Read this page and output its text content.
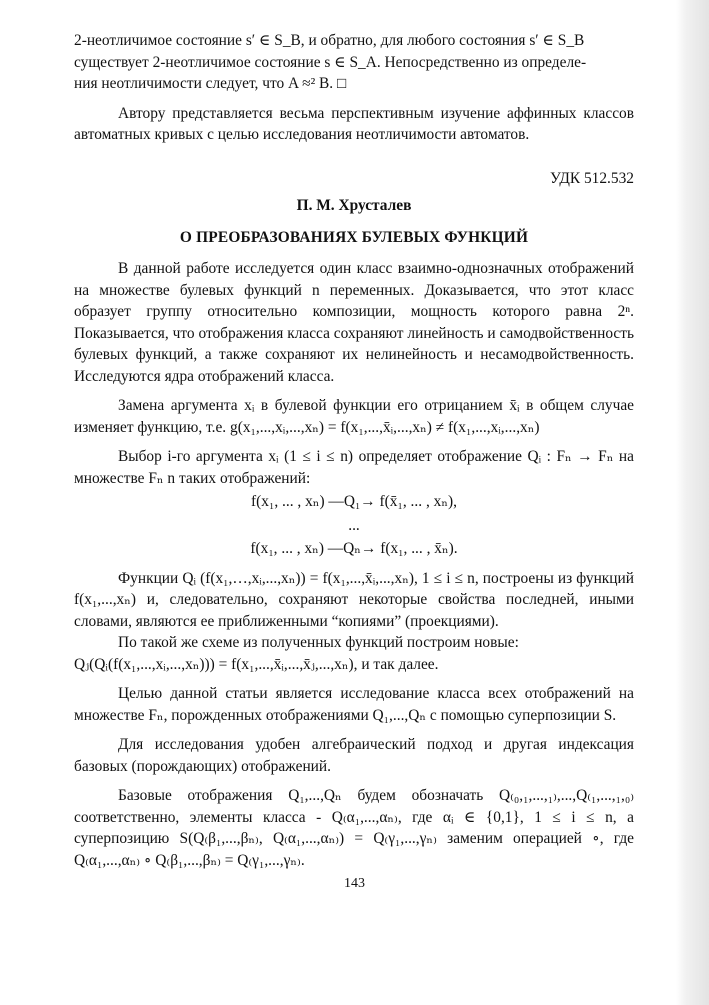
2-неотличимое состояние s′ ∈ S_B, и обратно, для любого состояния s′ ∈ S_B

существует 2-неотличимое состояние s ∈ S_A. Непосредственно из определе-

ния неотличимости следует, что A ≈² B. □

Автору представляется весьма перспективным изучение аффинных классов автоматных кривых с целью исследования неотличимости автоматов.

УДК 512.532
П. М. Хрусталев
О ПРЕОБРАЗОВАНИЯХ БУЛЕВЫХ ФУНКЦИЙ

В данной работе исследуется один класс взаимно-однозначных отображений на множестве булевых функций n переменных. Доказывается, что этот класс образует группу относительно композиции, мощность которого равна 2ⁿ. Показывается, что отображения класса сохраняют линейность и самодвойственность булевых функций, а также сохраняют их нелинейность и несамодвойственность. Исследуются ядра отображений класса.

Замена аргумента xᵢ в булевой функции его отрицанием x̄ᵢ в общем случае изменяет функцию, т.е. g(x₁,...,xᵢ,...,xₙ) = f(x₁,...,x̄ᵢ,...,xₙ) ≠ f(x₁,...,xᵢ,...,xₙ)

Выбор i-го аргумента xᵢ (1 ≤ i ≤ n) определяет отображение Qᵢ : Fₙ → Fₙ на множестве Fₙ n таких отображений:

f(x₁, ... , xₙ) —Q₁→ f(x̄₁, ... , xₙ),
...
f(x₁, ... , xₙ) —Qₙ→ f(x₁, ... , x̄ₙ).

Функции Qᵢ (f(x₁,…,xᵢ,...,xₙ)) = f(x₁,...,x̄ᵢ,...,xₙ), 1 ≤ i ≤ n, построены из функций f(x₁,...,xₙ) и, следовательно, сохраняют некоторые свойства последней, иными словами, являются ее приближенными “копиями” (проекциями).

По такой же схеме из полученных функций построим новые:

Qⱼ(Qᵢ(f(x₁,...,xᵢ,...,xₙ))) = f(x₁,...,x̄ᵢ,...,x̄ⱼ,...,xₙ), и так далее.

Целью данной статьи является исследование класса всех отображений на множестве Fₙ, порожденных отображениями Q₁,...,Qₙ с помощью суперпозиции S.

Для исследования удобен алгебраический подход и другая индексация базовых (порождающих) отображений.

Базовые отображения Q₁,...,Qₙ будем обозначать Q₍₀,₁,...,₁₎,...,Q₍₁,...,₁,₀₎ соответственно, элементы класса - Q₍α₁,...,αₙ₎, где αᵢ ∈ {0,1}, 1 ≤ i ≤ n, а суперпозицию S(Q₍β₁,...,βₙ₎, Q₍α₁,...,αₙ₎) = Q₍γ₁,...,γₙ₎ заменим операцией ∘, где Q₍α₁,...,αₙ₎ ∘ Q₍β₁,...,βₙ₎ = Q₍γ₁,...,γₙ₎.

143
